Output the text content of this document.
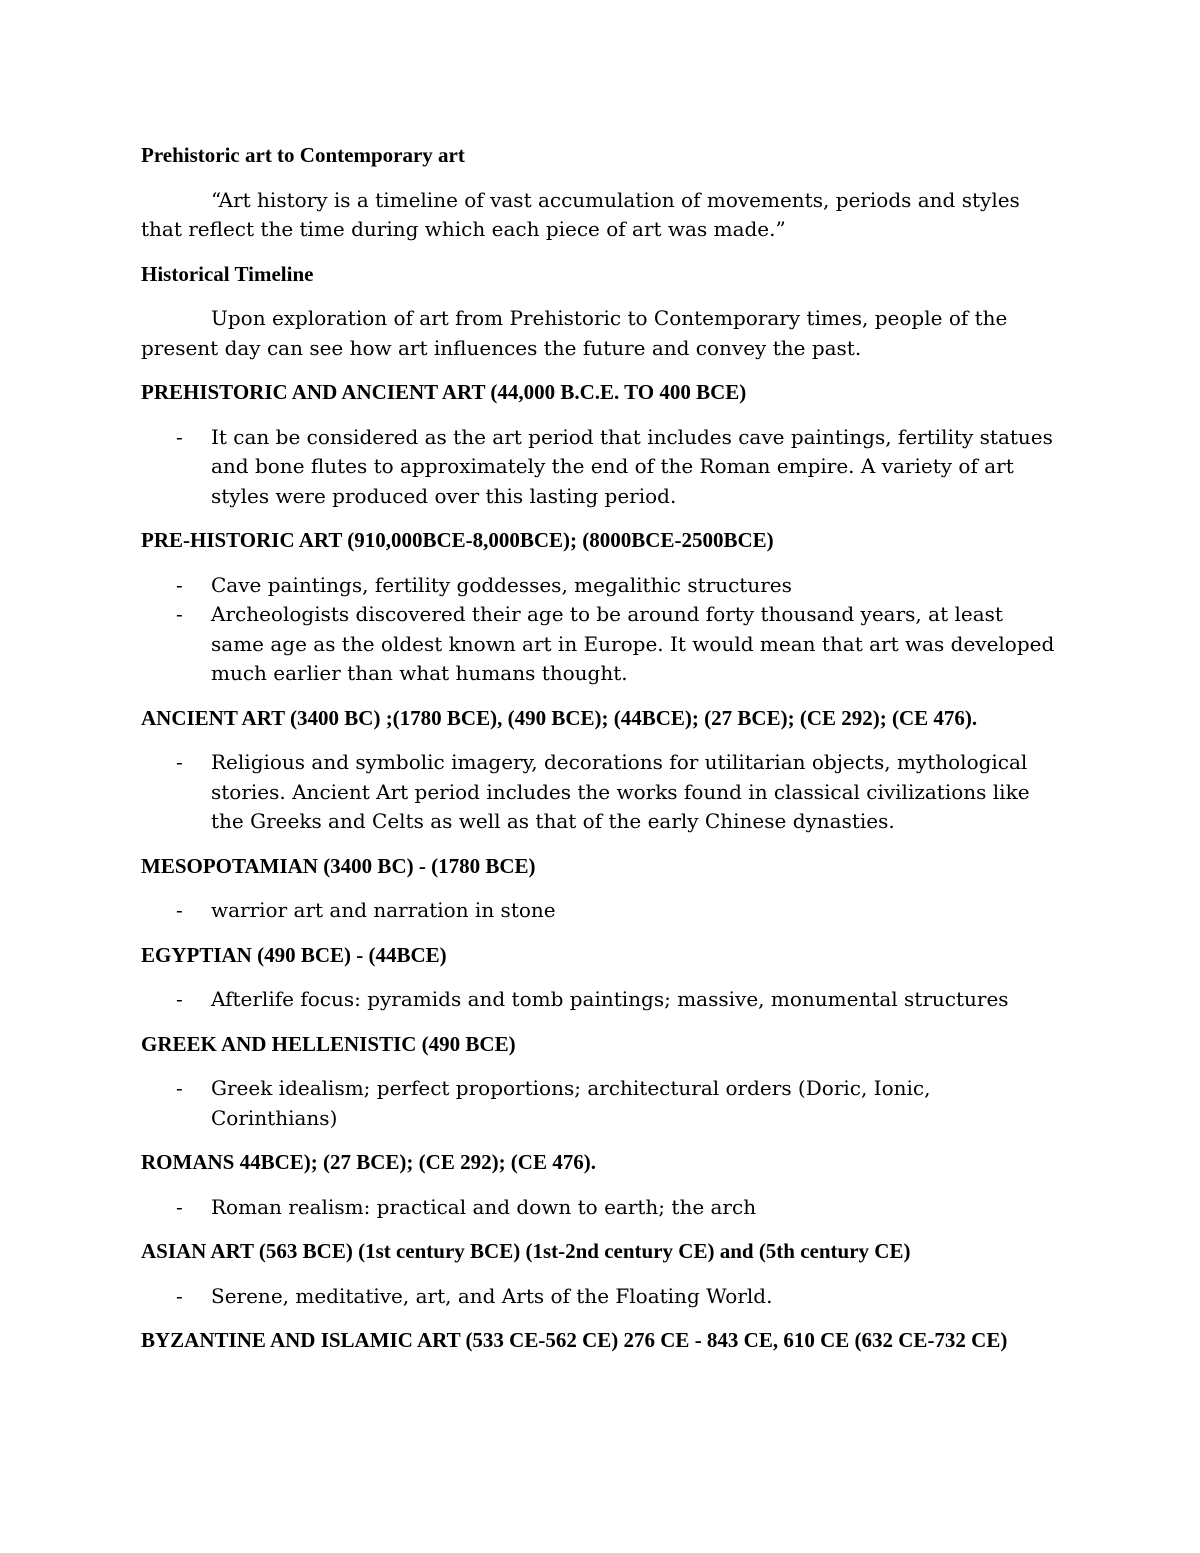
Prehistoric art to Contemporary art

“Art history is a timeline of vast accumulation of movements, periods and styles that reflect the time during which each piece of art was made.”

Historical Timeline

Upon exploration of art from Prehistoric to Contemporary times, people of the present day can see how art influences the future and convey the past.

PREHISTORIC AND ANCIENT ART (44,000 B.C.E. TO 400 BCE)

- It can be considered as the art period that includes cave paintings, fertility statues and bone flutes to approximately the end of the Roman empire. A variety of art styles were produced over this lasting period.

PRE-HISTORIC ART (910,000BCE-8,000BCE); (8000BCE-2500BCE)

- Cave paintings, fertility goddesses, megalithic structures
- Archeologists discovered their age to be around forty thousand years, at least same age as the oldest known art in Europe. It would mean that art was developed much earlier than what humans thought.

ANCIENT ART (3400 BC) ;(1780 BCE), (490 BCE); (44BCE); (27 BCE); (CE 292); (CE 476).

- Religious and symbolic imagery, decorations for utilitarian objects, mythological stories. Ancient Art period includes the works found in classical civilizations like the Greeks and Celts as well as that of the early Chinese dynasties.

MESOPOTAMIAN (3400 BC) - (1780 BCE)

- warrior art and narration in stone

EGYPTIAN (490 BCE) - (44BCE)

- Afterlife focus: pyramids and tomb paintings; massive, monumental structures

GREEK AND HELLENISTIC (490 BCE)

- Greek idealism; perfect proportions; architectural orders (Doric, Ionic, Corinthians)

ROMANS 44BCE); (27 BCE); (CE 292); (CE 476).

- Roman realism: practical and down to earth; the arch

ASIAN ART (563 BCE) (1st century BCE) (1st-2nd century CE) and (5th century CE)

- Serene, meditative, art, and Arts of the Floating World.

BYZANTINE AND ISLAMIC ART (533 CE-562 CE) 276 CE - 843 CE, 610 CE (632 CE-732 CE)
